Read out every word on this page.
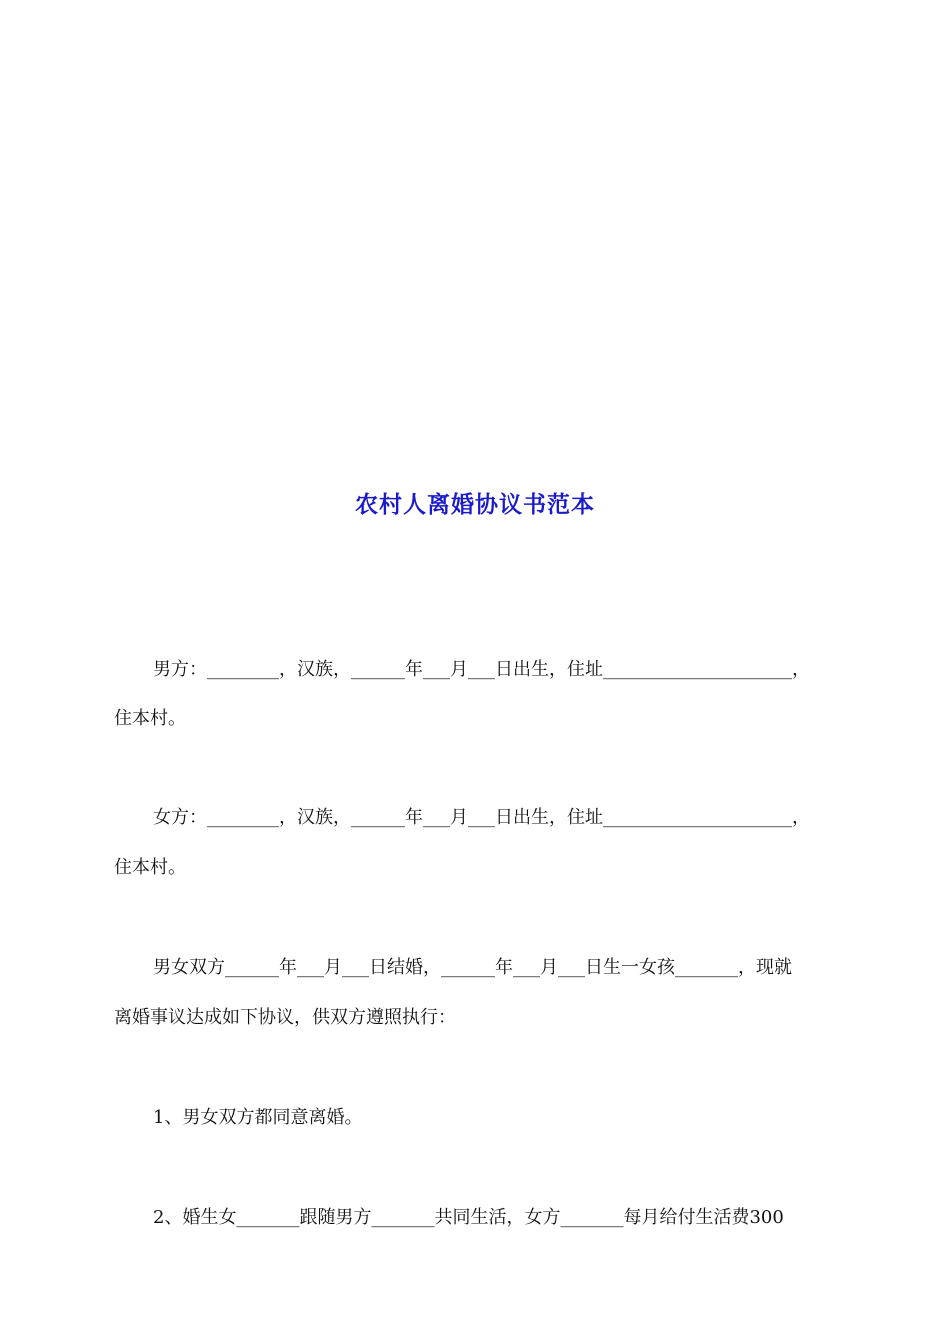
农村人离婚协议书范本
男方：________，汉族，______年___月___日出生，住址_____________________，
住本村。
女方：________，汉族，______年___月___日出生，住址_____________________，
住本村。
男女双方______年___月___日结婚，______年___月___日生一女孩_______，现就
离婚事议达成如下协议，供双方遵照执行：
1、男女双方都同意离婚。
2、婚生女_______跟随男方_______共同生活，女方_______每月给付生活费300
